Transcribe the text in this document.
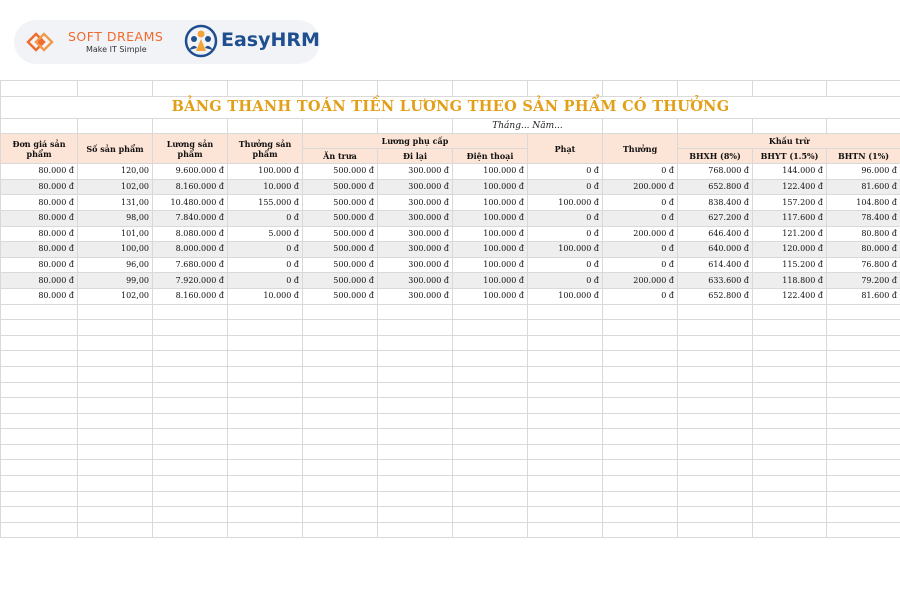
SOFT DREAMS
Make IT Simple	EasyHRM

BẢNG THANH TOÁN TIỀN LƯƠNG THEO SẢN PHẨM CÓ THƯỞNG											
						Tháng... Năm...					
Đơn giá sản phẩm	Số sản phẩm	Lương sản phẩm	Thưởng sản phẩm	Lương phụ cấp			Phạt	Thưởng	Khấu trừ		
				Ăn trưa	Đi lại	Điện thoại			BHXH (8%)	BHYT (1.5%)	BHTN (1%)
80.000 đ	120,00	9.600.000 đ	100.000 đ	500.000 đ	300.000 đ	100.000 đ	0 đ	0 đ	768.000 đ	144.000 đ	96.000 đ
80.000 đ	102,00	8.160.000 đ	10.000 đ	500.000 đ	300.000 đ	100.000 đ	0 đ	200.000 đ	652.800 đ	122.400 đ	81.600 đ
80.000 đ	131,00	10.480.000 đ	155.000 đ	500.000 đ	300.000 đ	100.000 đ	100.000 đ	0 đ	838.400 đ	157.200 đ	104.800 đ
80.000 đ	98,00	7.840.000 đ	0 đ	500.000 đ	300.000 đ	100.000 đ	0 đ	0 đ	627.200 đ	117.600 đ	78.400 đ
80.000 đ	101,00	8.080.000 đ	5.000 đ	500.000 đ	300.000 đ	100.000 đ	0 đ	200.000 đ	646.400 đ	121.200 đ	80.800 đ
80.000 đ	100,00	8.000.000 đ	0 đ	500.000 đ	300.000 đ	100.000 đ	100.000 đ	0 đ	640.000 đ	120.000 đ	80.000 đ
80.000 đ	96,00	7.680.000 đ	0 đ	500.000 đ	300.000 đ	100.000 đ	0 đ	0 đ	614.400 đ	115.200 đ	76.800 đ
80.000 đ	99,00	7.920.000 đ	0 đ	500.000 đ	300.000 đ	100.000 đ	0 đ	200.000 đ	633.600 đ	118.800 đ	79.200 đ
80.000 đ	102,00	8.160.000 đ	10.000 đ	500.000 đ	300.000 đ	100.000 đ	100.000 đ	0 đ	652.800 đ	122.400 đ	81.600 đ
